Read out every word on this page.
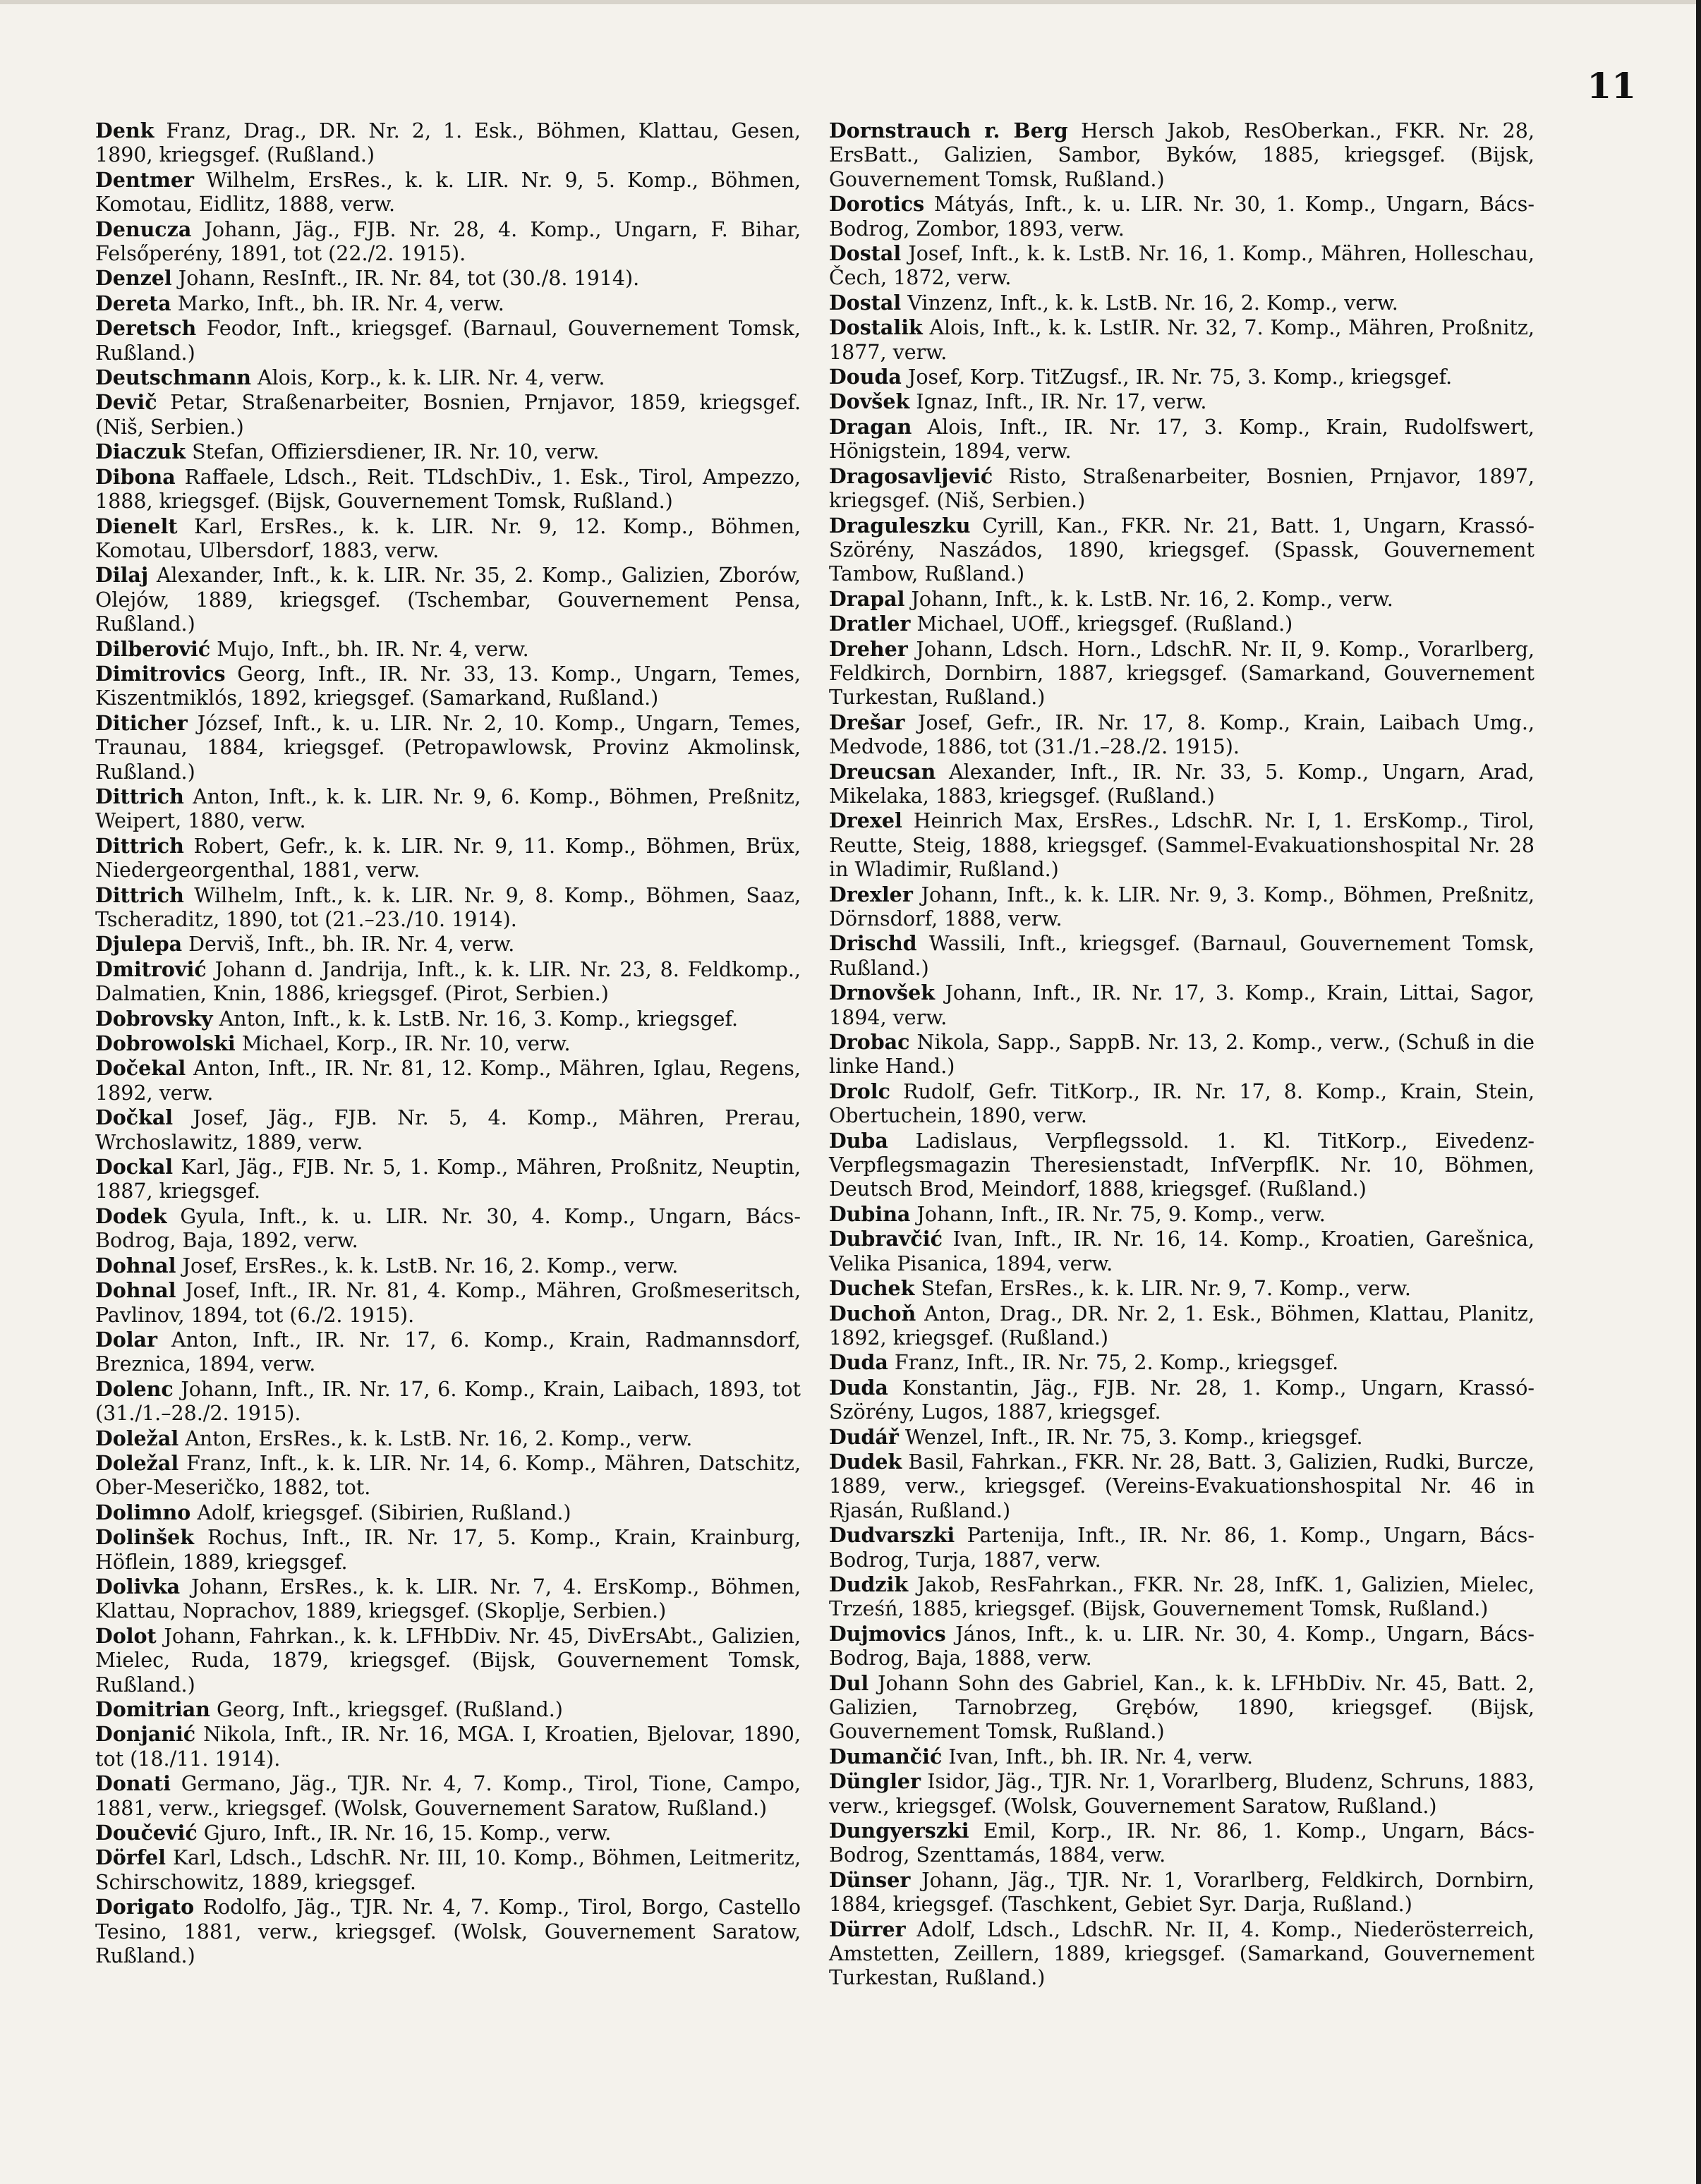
11

Denk Franz, Drag., DR. Nr. 2, 1. Esk., Böhmen, Klattau, Gesen, 1890, kriegsgef. (Rußland.)

Dentmer Wilhelm, ErsRes., k. k. LIR. Nr. 9, 5. Komp., Böhmen, Komotau, Eidlitz, 1888, verw.

Denucza Johann, Jäg., FJB. Nr. 28, 4. Komp., Ungarn, F. Bihar, Felsőperény, 1891, tot (22./2. 1915).

Denzel Johann, ResInft., IR. Nr. 84, tot (30./8. 1914).

Dereta Marko, Inft., bh. IR. Nr. 4, verw.

Deretsch Feodor, Inft., kriegsgef. (Barnaul, Gouvernement Tomsk, Rußland.)

Deutschmann Alois, Korp., k. k. LIR. Nr. 4, verw.

Devič Petar, Straßenarbeiter, Bosnien, Prnjavor, 1859, kriegsgef. (Niš, Serbien.)

Diaczuk Stefan, Offiziersdiener, IR. Nr. 10, verw.

Dibona Raffaele, Ldsch., Reit. TLdschDiv., 1. Esk., Tirol, Ampezzo, 1888, kriegsgef. (Bijsk, Gouvernement Tomsk, Rußland.)

Dienelt Karl, ErsRes., k. k. LIR. Nr. 9, 12. Komp., Böhmen, Komotau, Ulbersdorf, 1883, verw.

Dilaj Alexander, Inft., k. k. LIR. Nr. 35, 2. Komp., Galizien, Zborów, Olejów, 1889, kriegsgef. (Tschembar, Gouvernement Pensa, Rußland.)

Dilberović Mujo, Inft., bh. IR. Nr. 4, verw.

Dimitrovics Georg, Inft., IR. Nr. 33, 13. Komp., Ungarn, Temes, Kiszentmiklós, 1892, kriegsgef. (Samarkand, Rußland.)

Diticher József, Inft., k. u. LIR. Nr. 2, 10. Komp., Ungarn, Temes, Traunau, 1884, kriegsgef. (Petropawlowsk, Provinz Akmolinsk, Rußland.)

Dittrich Anton, Inft., k. k. LIR. Nr. 9, 6. Komp., Böhmen, Preßnitz, Weipert, 1880, verw.

Dittrich Robert, Gefr., k. k. LIR. Nr. 9, 11. Komp., Böhmen, Brüx, Niedergeorgenthal, 1881, verw.

Dittrich Wilhelm, Inft., k. k. LIR. Nr. 9, 8. Komp., Böhmen, Saaz, Tscheraditz, 1890, tot (21.–23./10. 1914).

Djulepa Derviš, Inft., bh. IR. Nr. 4, verw.

Dmitrović Johann d. Jandrija, Inft., k. k. LIR. Nr. 23, 8. Feldkomp., Dalmatien, Knin, 1886, kriegsgef. (Pirot, Serbien.)

Dobrovsky Anton, Inft., k. k. LstB. Nr. 16, 3. Komp., kriegsgef.

Dobrowolski Michael, Korp., IR. Nr. 10, verw.

Dočekal Anton, Inft., IR. Nr. 81, 12. Komp., Mähren, Iglau, Regens, 1892, verw.

Dočkal Josef, Jäg., FJB. Nr. 5, 4. Komp., Mähren, Prerau, Wrchoslawitz, 1889, verw.

Dockal Karl, Jäg., FJB. Nr. 5, 1. Komp., Mähren, Proßnitz, Neuptin, 1887, kriegsgef.

Dodek Gyula, Inft., k. u. LIR. Nr. 30, 4. Komp., Ungarn, Bács-Bodrog, Baja, 1892, verw.

Dohnal Josef, ErsRes., k. k. LstB. Nr. 16, 2. Komp., verw.

Dohnal Josef, Inft., IR. Nr. 81, 4. Komp., Mähren, Großmeseritsch, Pavlinov, 1894, tot (6./2. 1915).

Dolar Anton, Inft., IR. Nr. 17, 6. Komp., Krain, Radmannsdorf, Breznica, 1894, verw.

Dolenc Johann, Inft., IR. Nr. 17, 6. Komp., Krain, Laibach, 1893, tot (31./1.–28./2. 1915).

Doležal Anton, ErsRes., k. k. LstB. Nr. 16, 2. Komp., verw.

Doležal Franz, Inft., k. k. LIR. Nr. 14, 6. Komp., Mähren, Datschitz, Ober-Meseričko, 1882, tot.

Dolimno Adolf, kriegsgef. (Sibirien, Rußland.)

Dolinšek Rochus, Inft., IR. Nr. 17, 5. Komp., Krain, Krainburg, Höflein, 1889, kriegsgef.

Dolivka Johann, ErsRes., k. k. LIR. Nr. 7, 4. ErsKomp., Böhmen, Klattau, Noprachov, 1889, kriegsgef. (Skoplje, Serbien.)

Dolot Johann, Fahrkan., k. k. LFHbDiv. Nr. 45, DivErsAbt., Galizien, Mielec, Ruda, 1879, kriegsgef. (Bijsk, Gouvernement Tomsk, Rußland.)

Domitrian Georg, Inft., kriegsgef. (Rußland.)

Donjanić Nikola, Inft., IR. Nr. 16, MGA. I, Kroatien, Bjelovar, 1890, tot (18./11. 1914).

Donati Germano, Jäg., TJR. Nr. 4, 7. Komp., Tirol, Tione, Campo, 1881, verw., kriegsgef. (Wolsk, Gouvernement Saratow, Rußland.)

Doučević Gjuro, Inft., IR. Nr. 16, 15. Komp., verw.

Dörfel Karl, Ldsch., LdschR. Nr. III, 10. Komp., Böhmen, Leitmeritz, Schirschowitz, 1889, kriegsgef.

Dorigato Rodolfo, Jäg., TJR. Nr. 4, 7. Komp., Tirol, Borgo, Castello Tesino, 1881, verw., kriegsgef. (Wolsk, Gouvernement Saratow, Rußland.)

Dornstrauch r. Berg Hersch Jakob, ResOberkan., FKR. Nr. 28, ErsBatt., Galizien, Sambor, Byków, 1885, kriegsgef. (Bijsk, Gouvernement Tomsk, Rußland.)

Dorotics Mátyás, Inft., k. u. LIR. Nr. 30, 1. Komp., Ungarn, Bács-Bodrog, Zombor, 1893, verw.

Dostal Josef, Inft., k. k. LstB. Nr. 16, 1. Komp., Mähren, Holleschau, Čech, 1872, verw.

Dostal Vinzenz, Inft., k. k. LstB. Nr. 16, 2. Komp., verw.

Dostalik Alois, Inft., k. k. LstIR. Nr. 32, 7. Komp., Mähren, Proßnitz, 1877, verw.

Douda Josef, Korp. TitZugsf., IR. Nr. 75, 3. Komp., kriegsgef.

Dovšek Ignaz, Inft., IR. Nr. 17, verw.

Dragan Alois, Inft., IR. Nr. 17, 3. Komp., Krain, Rudolfswert, Hönigstein, 1894, verw.

Dragosavljević Risto, Straßenarbeiter, Bosnien, Prnjavor, 1897, kriegsgef. (Niš, Serbien.)

Draguleszku Cyrill, Kan., FKR. Nr. 21, Batt. 1, Ungarn, Krassó-Szörény, Naszádos, 1890, kriegsgef. (Spassk, Gouvernement Tambow, Rußland.)

Drapal Johann, Inft., k. k. LstB. Nr. 16, 2. Komp., verw.

Dratler Michael, UOff., kriegsgef. (Rußland.)

Dreher Johann, Ldsch. Horn., LdschR. Nr. II, 9. Komp., Vorarlberg, Feldkirch, Dornbirn, 1887, kriegsgef. (Samarkand, Gouvernement Turkestan, Rußland.)

Drešar Josef, Gefr., IR. Nr. 17, 8. Komp., Krain, Laibach Umg., Medvode, 1886, tot (31./1.–28./2. 1915).

Dreucsan Alexander, Inft., IR. Nr. 33, 5. Komp., Ungarn, Arad, Mikelaka, 1883, kriegsgef. (Rußland.)

Drexel Heinrich Max, ErsRes., LdschR. Nr. I, 1. ErsKomp., Tirol, Reutte, Steig, 1888, kriegsgef. (Sammel-Evakuationshospital Nr. 28 in Wladimir, Rußland.)

Drexler Johann, Inft., k. k. LIR. Nr. 9, 3. Komp., Böhmen, Preßnitz, Dörnsdorf, 1888, verw.

Drischd Wassili, Inft., kriegsgef. (Barnaul, Gouvernement Tomsk, Rußland.)

Drnovšek Johann, Inft., IR. Nr. 17, 3. Komp., Krain, Littai, Sagor, 1894, verw.

Drobac Nikola, Sapp., SappB. Nr. 13, 2. Komp., verw., (Schuß in die linke Hand.)

Drolc Rudolf, Gefr. TitKorp., IR. Nr. 17, 8. Komp., Krain, Stein, Obertuchein, 1890, verw.

Duba Ladislaus, Verpflegssold. 1. Kl. TitKorp., Eivedenz-Verpflegsmagazin Theresienstadt, InfVerpflK. Nr. 10, Böhmen, Deutsch Brod, Meindorf, 1888, kriegsgef. (Rußland.)

Dubina Johann, Inft., IR. Nr. 75, 9. Komp., verw.

Dubravčić Ivan, Inft., IR. Nr. 16, 14. Komp., Kroatien, Garešnica, Velika Pisanica, 1894, verw.

Duchek Stefan, ErsRes., k. k. LIR. Nr. 9, 7. Komp., verw.

Duchoň Anton, Drag., DR. Nr. 2, 1. Esk., Böhmen, Klattau, Planitz, 1892, kriegsgef. (Rußland.)

Duda Franz, Inft., IR. Nr. 75, 2. Komp., kriegsgef.

Duda Konstantin, Jäg., FJB. Nr. 28, 1. Komp., Ungarn, Krassó-Szörény, Lugos, 1887, kriegsgef.

Dudář Wenzel, Inft., IR. Nr. 75, 3. Komp., kriegsgef.

Dudek Basil, Fahrkan., FKR. Nr. 28, Batt. 3, Galizien, Rudki, Burcze, 1889, verw., kriegsgef. (Vereins-Evakuationshospital Nr. 46 in Rjasán, Rußland.)

Dudvarszki Partenija, Inft., IR. Nr. 86, 1. Komp., Ungarn, Bács-Bodrog, Turja, 1887, verw.

Dudzik Jakob, ResFahrkan., FKR. Nr. 28, InfK. 1, Galizien, Mielec, Trześń, 1885, kriegsgef. (Bijsk, Gouvernement Tomsk, Rußland.)

Dujmovics János, Inft., k. u. LIR. Nr. 30, 4. Komp., Ungarn, Bács-Bodrog, Baja, 1888, verw.

Dul Johann Sohn des Gabriel, Kan., k. k. LFHbDiv. Nr. 45, Batt. 2, Galizien, Tarnobrzeg, Grębów, 1890, kriegsgef. (Bijsk, Gouvernement Tomsk, Rußland.)

Dumančić Ivan, Inft., bh. IR. Nr. 4, verw.

Düngler Isidor, Jäg., TJR. Nr. 1, Vorarlberg, Bludenz, Schruns, 1883, verw., kriegsgef. (Wolsk, Gouvernement Saratow, Rußland.)

Dungyerszki Emil, Korp., IR. Nr. 86, 1. Komp., Ungarn, Bács-Bodrog, Szenttamás, 1884, verw.

Dünser Johann, Jäg., TJR. Nr. 1, Vorarlberg, Feldkirch, Dornbirn, 1884, kriegsgef. (Taschkent, Gebiet Syr. Darja, Rußland.)

Dürrer Adolf, Ldsch., LdschR. Nr. II, 4. Komp., Niederösterreich, Amstetten, Zeillern, 1889, kriegsgef. (Samarkand, Gouvernement Turkestan, Rußland.)
